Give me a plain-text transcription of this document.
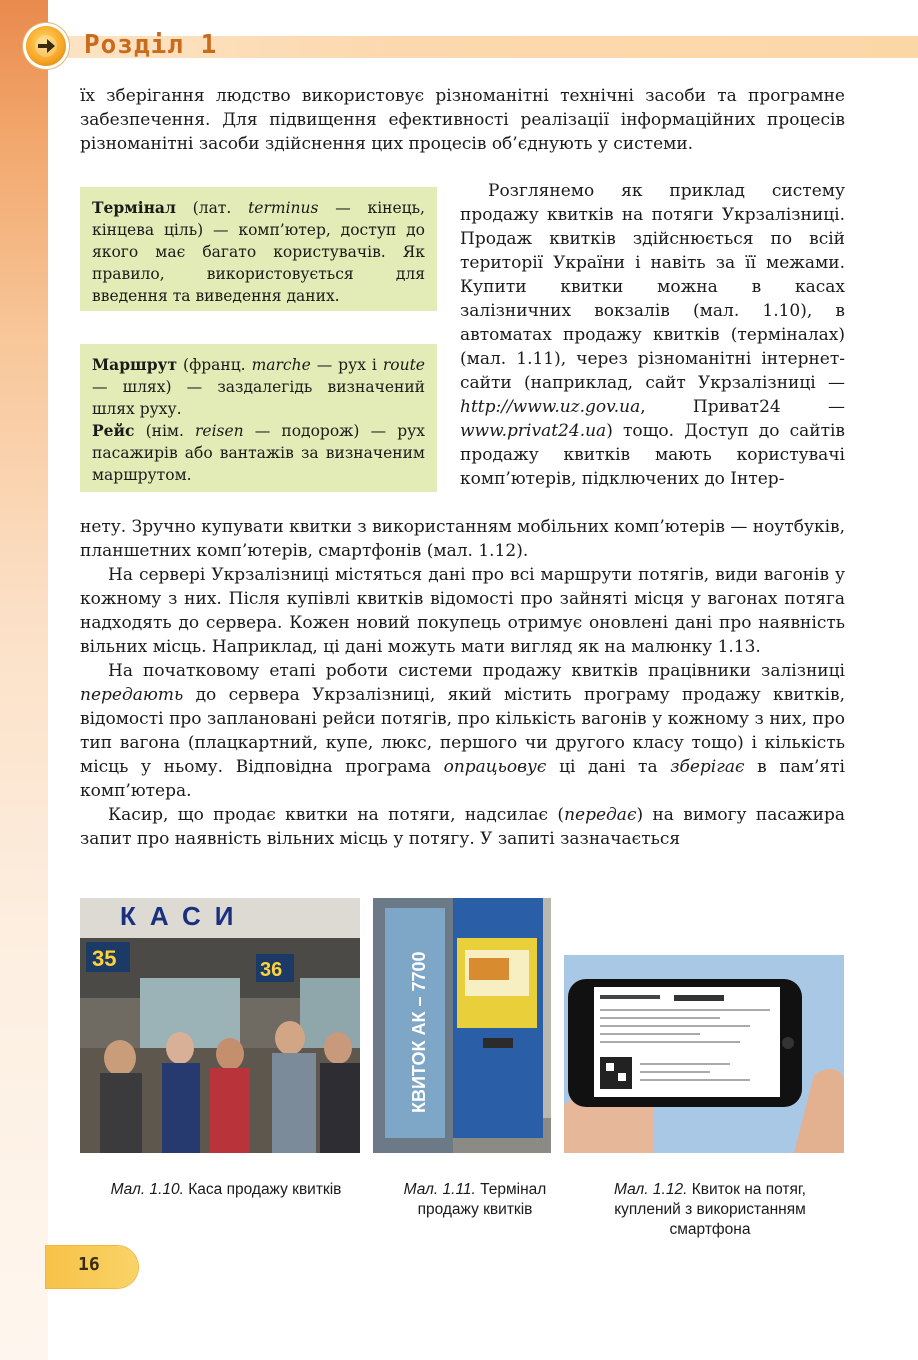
Розділ 1

їх зберігання людство використовує різноманітні технічні засоби та програмне забезпечення. Для підвищення ефективності реалізації інформаційних процесів різноманітні засоби здійснення цих процесів об’єднують у системи.

Термінал (лат. terminus — кінець, кінцева ціль) — комп’ютер, доступ до якого має багато користувачів. Як правило, використовується для введення та виведення даних.

Маршрут (франц. marche — рух і route — шлях) — заздалегідь визначений шлях руху.

Рейс (нім. reisen — подорож) — рух пасажирів або вантажів за визначеним маршрутом.

Розглянемо як приклад систему продажу квитків на потяги Укрзалізниці. Продаж квитків здійснюється по всій території України і навіть за її межами. Купити квитки можна в касах залізничних вокзалів (мал. 1.10), в автоматах продажу квитків (терміналах) (мал. 1.11), через різноманітні інтернет-сайти (наприклад, сайт Укрзалізниці — http://www.uz.gov.ua, Приват24 — www.privat24.ua) тощо. Доступ до сайтів продажу квитків мають користувачі комп’ютерів, підключених до Інтер-

нету. Зручно купувати квитки з використанням мобільних комп’ютерів — ноутбуків, планшетних комп’ютерів, смартфонів (мал. 1.12).

На сервері Укрзалізниці містяться дані про всі маршрути потягів, види вагонів у кожному з них. Після купівлі квитків відомості про зайняті місця у вагонах потяга надходять до сервера. Кожен новий покупець отримує оновлені дані про наявність вільних місць. Наприклад, ці дані можуть мати вигляд як на малюнку 1.13.

На початковому етапі роботи системи продажу квитків працівники залізниці передають до сервера Укрзалізниці, який містить програму продажу квитків, відомості про заплановані рейси потягів, про кількість вагонів у кожному з них, про тип вагона (плацкартний, купе, люкс, першого чи другого класу тощо) і кількість місць у ньому. Відповідна програма опрацьовує ці дані та зберігає в пам’яті комп’ютера.

Касир, що продає квитки на потяги, надсилає (передає) на вимогу пасажира запит про наявність вільних місць у потягу. У запиті зазначається

КАСИ
35	36	КВИТОК АК – 7700
Мал. 1.10. Каса продажу квитків	Мал. 1.11. Термінал продажу квитків
Мал. 1.12. Квиток на потяг, куплений з використанням смартфона
16
